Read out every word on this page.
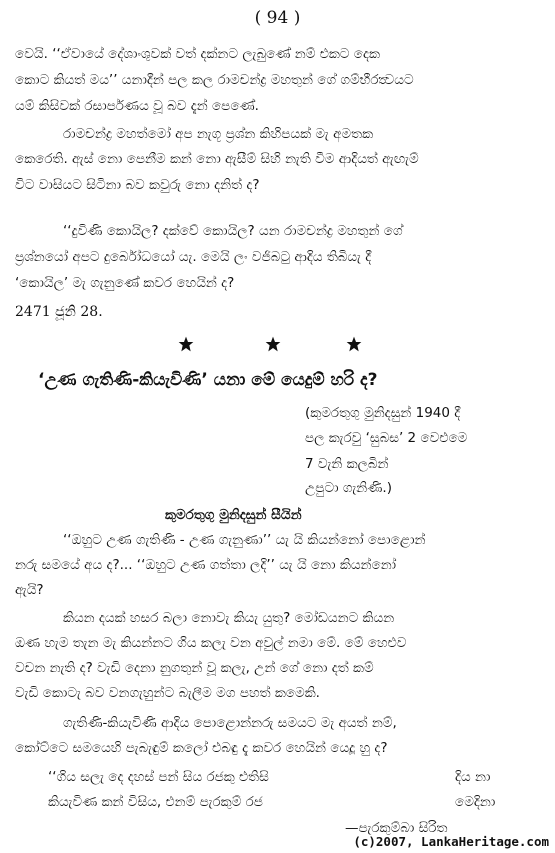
( 94 )
වෙයි. ‘‘ඒවායේ දේශාංශුවක් වත් දක්නට ලැබුණේ නම් එකට දෙක
කොට කියත් මය’’ යනාදීන් පල කල රාමචන්ද්‍ර මහතුන් ගේ ගම්‍භීරත්‍වයට
යම් කිසිවක් රසාර්පණය වූ බව දැන් පෙණේ.
රාමචන්ද්‍ර මහත්මෝ අප නැගූ ප්‍රශ්න කිහිපයක් මැ අමතක
කෙරෙති. ඇස් නො පෙනීම කන් නො ඇසීම් සිහි නැති වීම ආදියත් ඇඟැම්
විට වාසියට සිටිනා බව කවුරු නො දනිත් ද?
‘‘දුවිණි කොයිල? දක්වේ කොයිල? යන රාමචන්ද්‍ර මහතුන් ගේ
ප්‍රශ්නයෝ අපට දුර්බෝධයෝ යැ. මෙයි ලං වජිබටු ආදිය තිබියැ දී
‘කොයිල’ මැ ගැනුණේ කවර හෙයින් ද?
2471 ජූනි 28.
‘උණ ගැතිණි-කියැවිණි’ යනා මේ යෙදුම් හරි ද?
(කුමරතුගු මුනිදසුන් 1940 දී
පල කැරවු ‘සුබස’ 2 වෙළුමෙ
7 වැනි කලබින්
උපුටා ගැනිණි.)
කුමරතුගු මුනිදසුන් සීයින්
‘‘ඔහුට උණ ගැතිණි - උණ ගැනුණා’’ යැ යි කියන්නෝ පොළොන්
නරු සමයේ අය ද?... ‘‘ඔහුට උණ ගත්තා ලදි’’ යැ යි නො කියන්නෝ
ඇයි?
කියන දයක් හසර බලා නොවැ කියැ යුතු? මෝඩයනට කියන
ඔණ හැම තැන මැ කියන්නට ගිය කලැ වන අවුල් නමා මේ. මේ හෙළුව
වචන නැති ද? වැඩි දෙනා නුගතුන් වූ කලැ, උන් ගේ නො දත් කම්
වැඩි කොටැ බව වනගැහුන්ට බැලීම මග පහත් කමෙකි.
ගැතිණි-කියැවිණි ආදිය පොළොන්නරු සමයට මැ අයත් නම්,
කෝට්ටෙ සමයෙහි පැබැඳුම් කලෝ එබඳු දැ කවර හෙයින් යෙදූ හු ද?
‘‘ගිය සලැ දෙ දහස් පන් සිය රජකු එතිසි	දිය නා
කියැවිණ කන් විසිය, එනම් පැරකුම් රජ	මෙදිනා
—පැරකුම්බා සිරිත
(c)2007, LankaHeritage.com
